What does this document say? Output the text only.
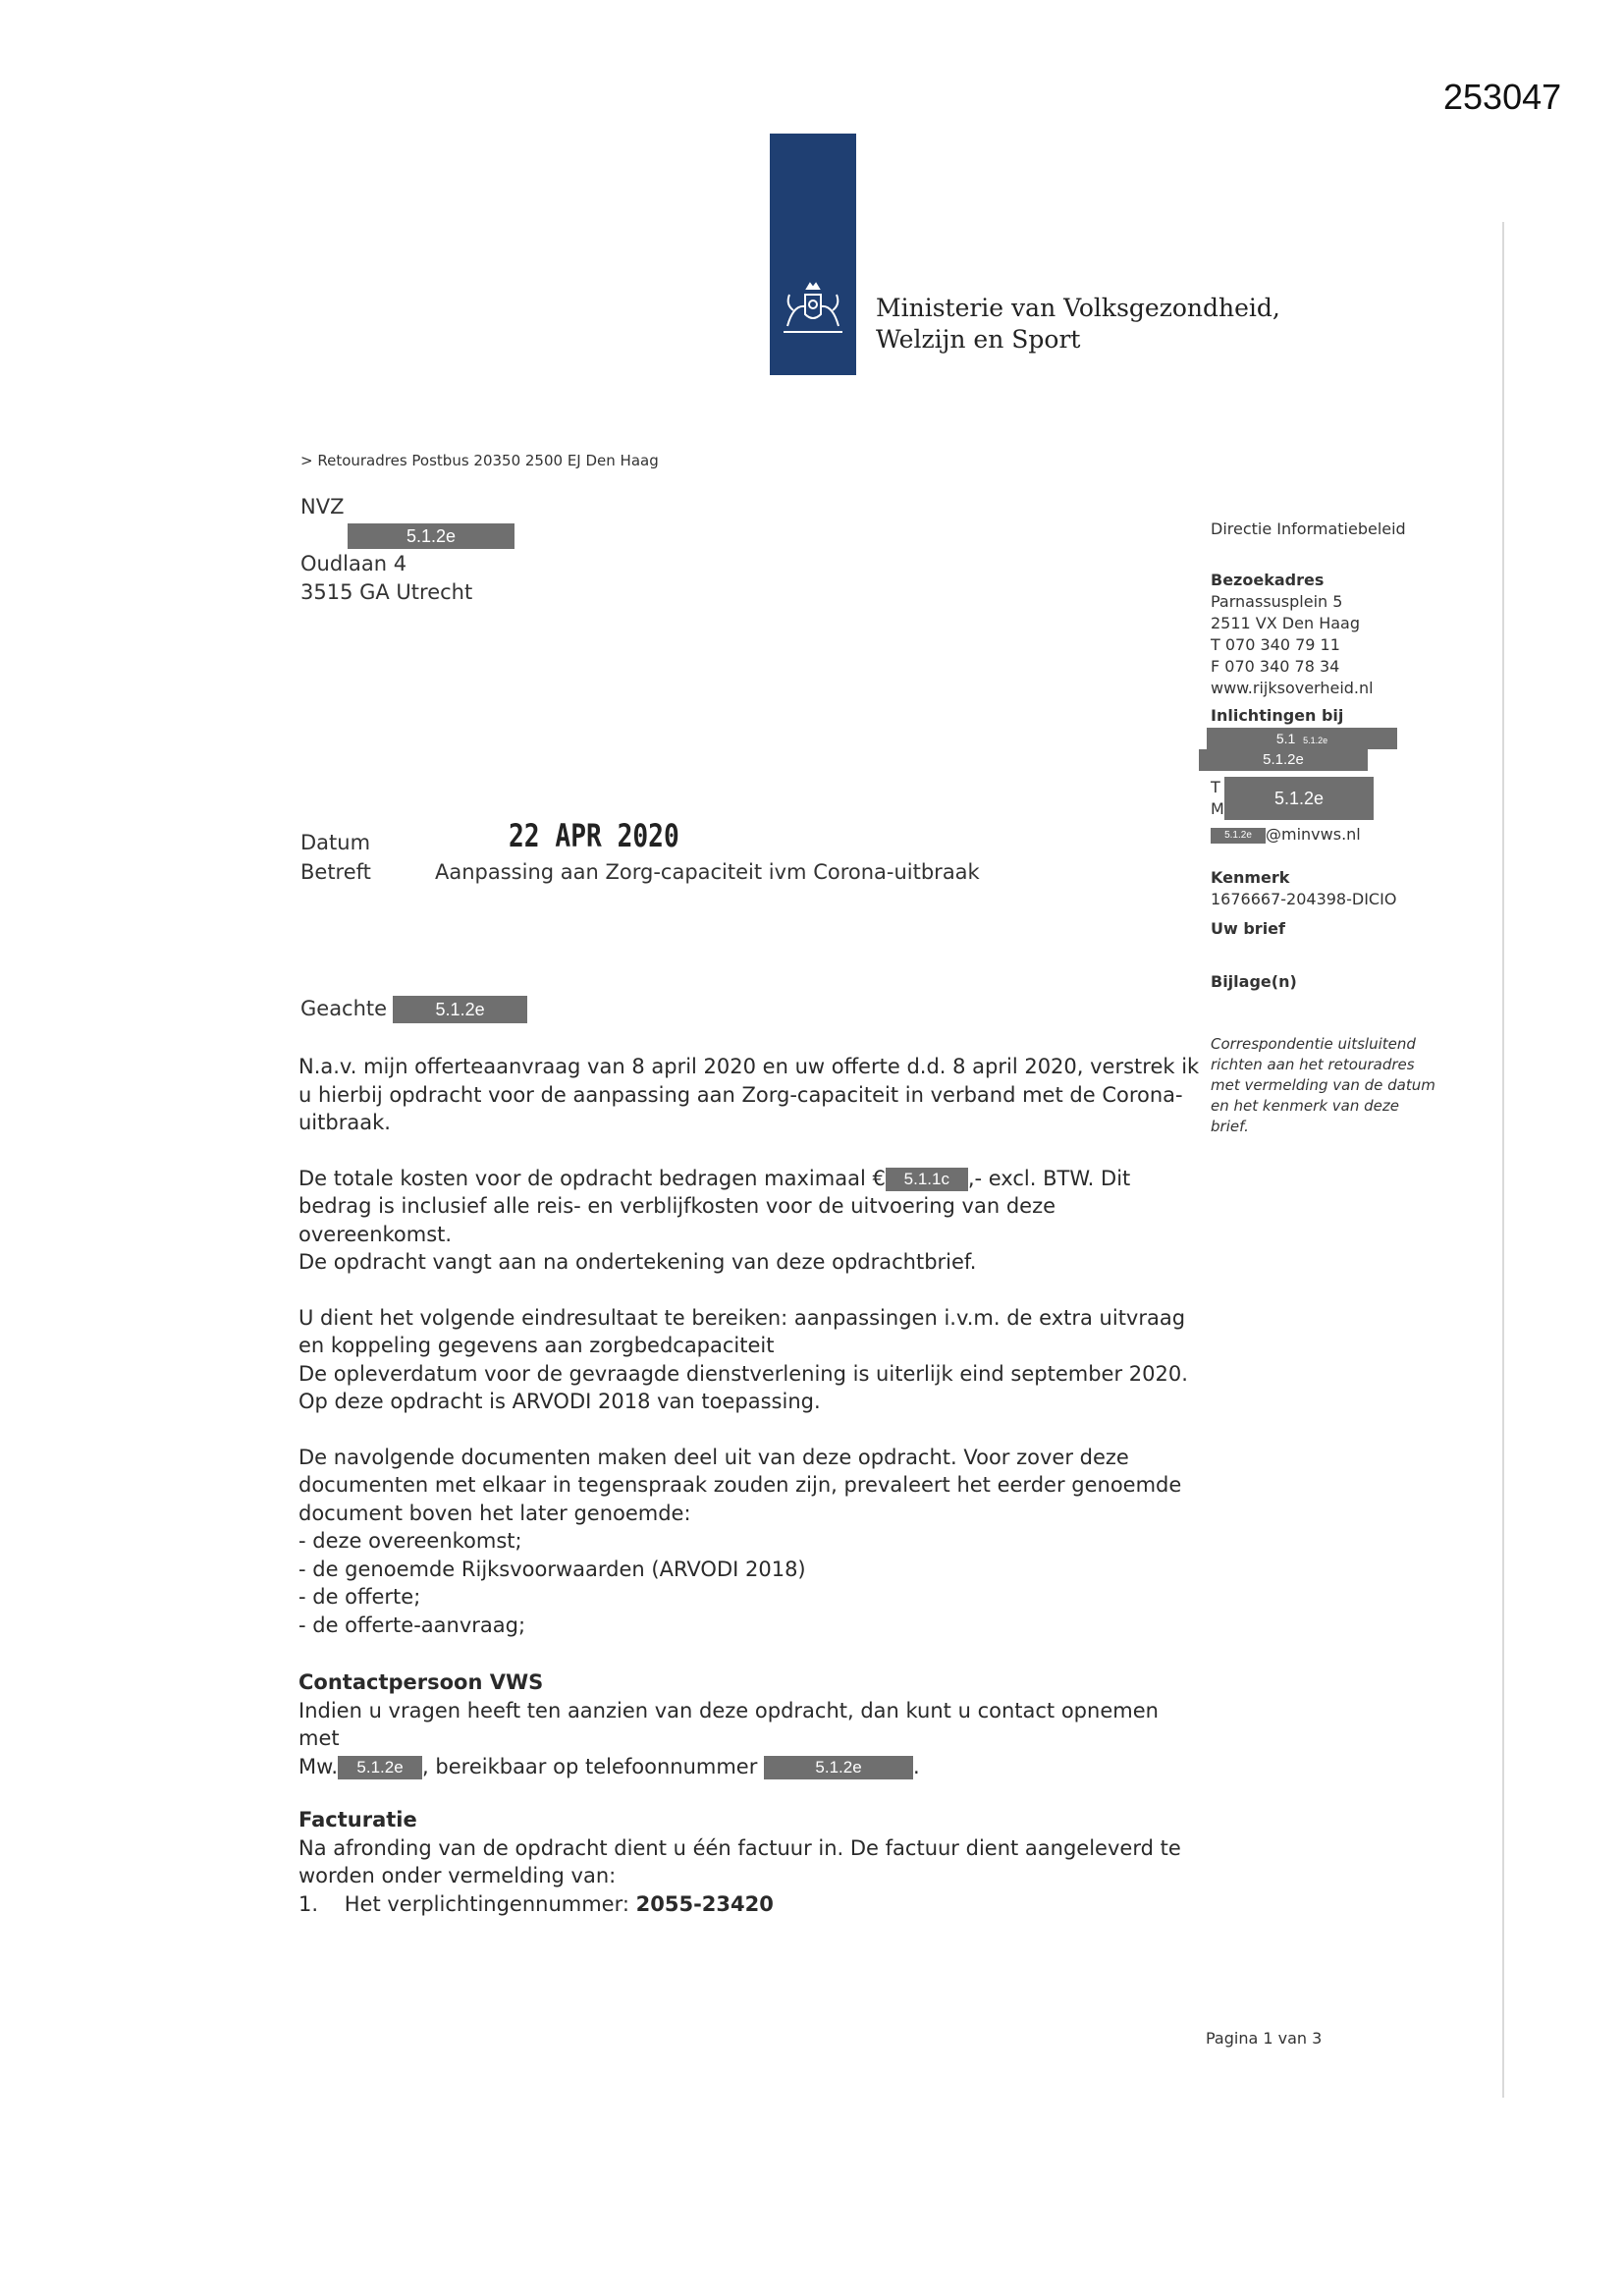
253047
Ministerie van Volksgezondheid,
Welzijn en Sport
> Retouradres Postbus 20350 2500 EJ Den Haag
NVZ
5.1.2e
Oudlaan 4
3515 GA Utrecht
Directie Informatiebeleid
Bezoekadres
Parnassusplein 5
2511 VX Den Haag
T 070 340 79 11
F 070 340 78 34
www.rijksoverheid.nl
Inlichtingen bij
5.1 5.1.2e
5.1.2e
T
M
5.1.2e
5.1.2e @minvws.nl
Kenmerk
1676667-204398-DICIO
Uw brief
Bijlage(n)
Correspondentie uitsluitend richten aan het retouradres met vermelding van de datum en het kenmerk van deze brief.
Datum	22 APR 2020
Betreft	Aanpassing aan Zorg-capaciteit ivm Corona-uitbraak
Geachte	5.1.2e

N.a.v. mijn offerteaanvraag van 8 april 2020 en uw offerte d.d. 8 april 2020, verstrek ik u hierbij opdracht voor de aanpassing aan Zorg-capaciteit in verband met de Corona-uitbraak.

De totale kosten voor de opdracht bedragen maximaal € 5.1.1c ,- excl. BTW. Dit bedrag is inclusief alle reis- en verblijfkosten voor de uitvoering van deze overeenkomst.
De opdracht vangt aan na ondertekening van deze opdrachtbrief.

U dient het volgende eindresultaat te bereiken: aanpassingen i.v.m. de extra uitvraag en koppeling gegevens aan zorgbedcapaciteit
De opleverdatum voor de gevraagde dienstverlening is uiterlijk eind september 2020.
Op deze opdracht is ARVODI 2018 van toepassing.

De navolgende documenten maken deel uit van deze opdracht. Voor zover deze documenten met elkaar in tegenspraak zouden zijn, prevaleert het eerder genoemde document boven het later genoemde:
- deze overeenkomst;
- de genoemde Rijksvoorwaarden (ARVODI 2018)
- de offerte;
- de offerte-aanvraag;

Contactpersoon VWS

Indien u vragen heeft ten aanzien van deze opdracht, dan kunt u contact opnemen met
Mw. 5.1.2e , bereikbaar op telefoonnummer	5.1.2e .

Facturatie

Na afronding van de opdracht dient u één factuur in. De factuur dient aangeleverd te worden onder vermelding van:
1. Het verplichtingennummer: 2055-23420

Pagina 1 van 3
